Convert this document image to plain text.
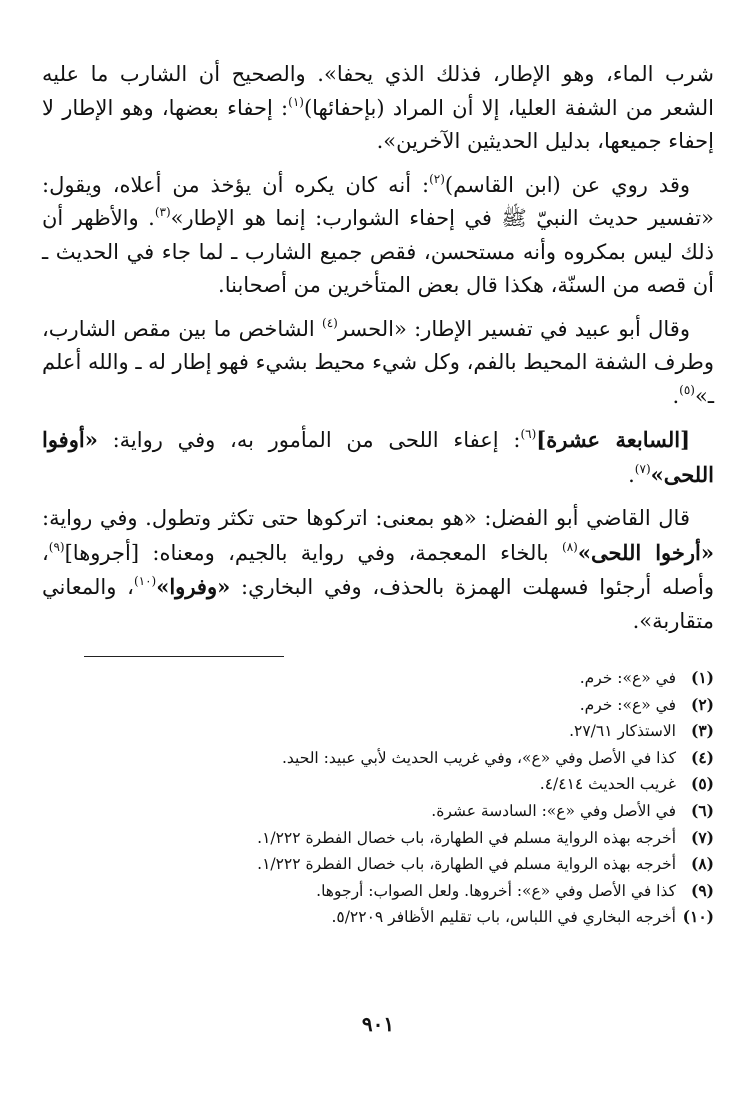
شرب الماء، وهو الإطار، فذلك الذي يحفا». والصحيح أن الشارب ما عليه الشعر من الشفة العليا، إلا أن المراد (بإحفائها)$^{(١)}$: إحفاء بعضها، وهو الإطار لا إحفاء جميعها، بدليل الحديثين الآخرين».

وقد روي عن (ابن القاسم)$^{(٢)}$: أنه كان يكره أن يؤخذ من أعلاه، ويقول: «تفسير حديث النبيّ ﷺ في إحفاء الشوارب: إنما هو الإطار»$^{(٣)}$. والأظهر أن ذلك ليس بمكروه وأنه مستحسن، فقص جميع الشارب ـ لما جاء في الحديث ـ أن قصه من السنّة، هكذا قال بعض المتأخرين من أصحابنا.

وقال أبو عبيد في تفسير الإطار: «الحسر$^{(٤)}$ الشاخص ما بين مقص الشارب، وطرف الشفة المحيط بالفم، وكل شيء محيط بشيء فهو إطار له ـ والله أعلم ـ»$^{(٥)}$.

[السابعة عشرة]$^{(٦)}$: إعفاء اللحى من المأمور به، وفي رواية: «أوفوا اللحى»$^{(٧)}$.

قال القاضي أبو الفضل: «هو بمعنى: اتركوها حتى تكثر وتطول. وفي رواية: «أرخوا اللحى»$^{(٨)}$ بالخاء المعجمة، وفي رواية بالجيم، ومعناه: [أجروها]$^{(٩)}$، وأصله أرجئوا فسهلت الهمزة بالحذف، وفي البخاري: «وفروا»$^{(١٠)}$، والمعاني متقاربة».

(١)في «ع»: خرم.
(٢)في «ع»: خرم.
(٣)الاستذكار ٢٧/٦١.
(٤)كذا في الأصل وفي «ع»، وفي غريب الحديث لأبي عبيد: الحيد.
(٥)غريب الحديث ٤/٤١٤.
(٦)في الأصل وفي «ع»: السادسة عشرة.
(٧)أخرجه بهذه الرواية مسلم في الطهارة، باب خصال الفطرة ١/٢٢٢.
(٨)أخرجه بهذه الرواية مسلم في الطهارة، باب خصال الفطرة ١/٢٢٢.
(٩)كذا في الأصل وفي «ع»: أخروها. ولعل الصواب: أرجوها.
(١٠)أخرجه البخاري في اللباس، باب تقليم الأظافر ٥/٢٢٠٩.
٩٠١
